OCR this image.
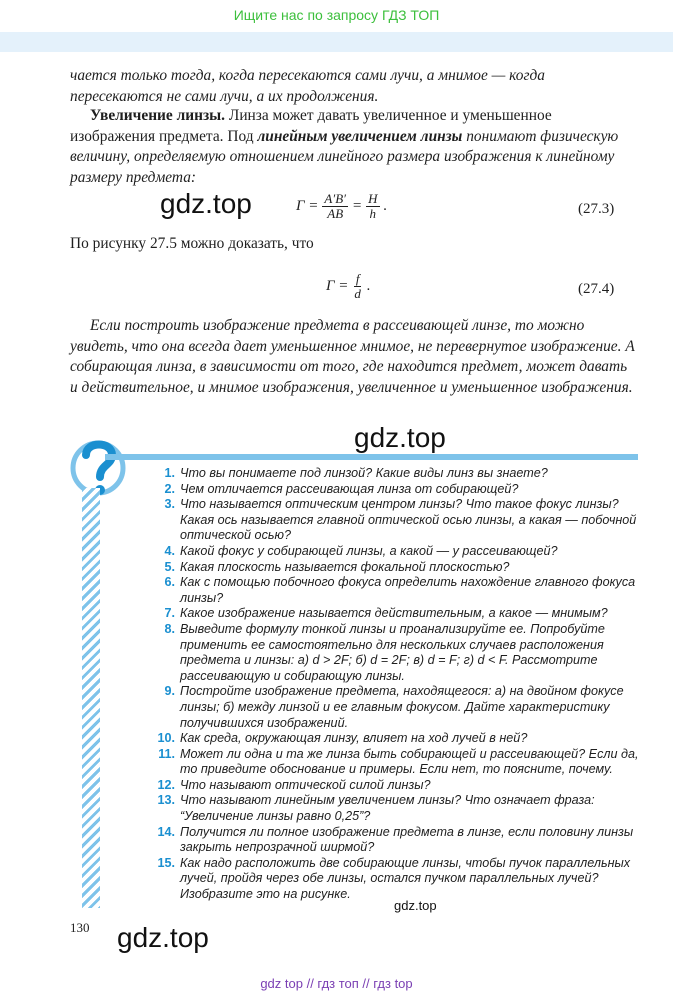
Ищите нас по запросу ГДЗ ТОП

чается только тогда, когда пересекаются сами лучи, а мнимое — когда пересекаются не сами лучи, а их продолжения.

Увеличение линзы. Линза может давать увеличенное и уменьшенное изображения предмета. Под линейным увеличением линзы понимают физическую величину, определяемую отношением линейного размера изображения к линейному размеру предмета:

gdz.top	$\Gamma = \frac{A'B'}{AB} = \frac{H}{h}$ .	(27.3)

По рисунку 27.5 можно доказать, что

$\Gamma = \frac{f}{d}$ .	(27.4)

Если построить изображение предмета в рассеивающей линзе, то можно увидеть, что она всегда дает уменьшенное мнимое, не перевернутое изображение. А собирающая линза, в зависимости от того, где находится предмет, может давать и действительное, и мнимое изображения, увеличенное и уменьшенное изображения.

gdz.top
1. Что вы понимаете под линзой? Какие виды линз вы знаете?
2. Чем отличается рассеивающая линза от собирающей?
3. Что называется оптическим центром линзы? Что такое фокус линзы? Какая ось называется главной оптической осью линзы, а какая — побочной оптической осью?
4. Какой фокус у собирающей линзы, а какой — у рассеивающей?
5. Какая плоскость называется фокальной плоскостью?
6. Как с помощью побочного фокуса определить нахождение главного фокуса линзы?
7. Какое изображение называется действительным, а какое — мнимым?
8. Выведите формулу тонкой линзы и проанализируйте ее. Попробуйте применить ее самостоятельно для нескольких случаев расположения предмета и линзы: а) d > 2F; б) d = 2F; в) d = F; г) d < F. Рассмотрите рассеивающую и собирающую линзы.
9. Постройте изображение предмета, находящегося: а) на двойном фокусе линзы; б) между линзой и ее главным фокусом. Дайте характеристику получившихся изображений.
10. Как среда, окружающая линзу, влияет на ход лучей в ней?
11. Может ли одна и та же линза быть собирающей и рассеивающей? Если да, то приведите обоснование и примеры. Если нет, то поясните, почему.
12. Что называют оптической силой линзы?
13. Что называют линейным увеличением линзы? Что означает фраза: “Увеличение линзы равно 0,25”?
14. Получится ли полное изображение предмета в линзе, если половину линзы закрыть непрозрачной ширмой?
15. Как надо расположить две собирающие линзы, чтобы пучок параллельных лучей, пройдя через обе линзы, остался пучком параллельных лучей? Изобразите это на рисунке.
gdz.top
130 gdz.top
gdz top // гдз топ // гдз top
